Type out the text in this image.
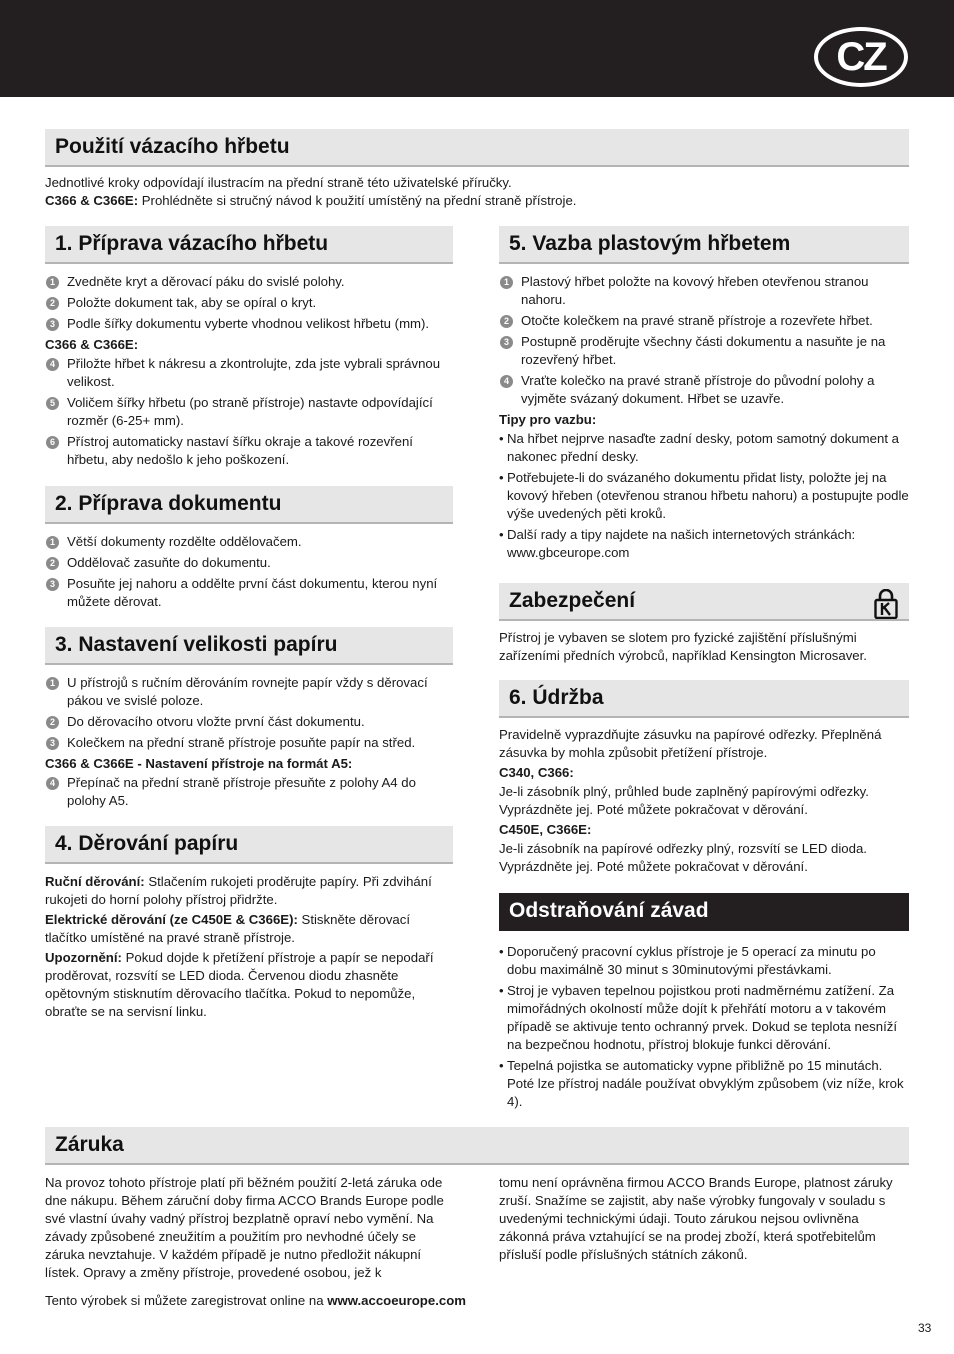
CZ
Použití vázacího hřbetu
Jednotlivé kroky odpovídají ilustracím na přední straně této uživatelské příručky.
C366 & C366E: Prohlédněte si stručný návod k použití umístěný na přední straně přístroje.
1. Příprava vázacího hřbetu
1 Zvedněte kryt a děrovací páku do svislé polohy.
2 Položte dokument tak, aby se opíral o kryt.
3 Podle šířky dokumentu vyberte vhodnou velikost hřbetu (mm).
C366 & C366E:
4 Přiložte hřbet k nákresu a zkontrolujte, zda jste vybrali správnou velikost.
5 Voličem šířky hřbetu (po straně přístroje) nastavte odpovídající rozměr (6-25+ mm).
6 Přístroj automaticky nastaví šířku okraje a takové rozevření hřbetu, aby nedošlo k jeho poškození.
2. Příprava dokumentu
1 Větší dokumenty rozdělte oddělovačem.
2 Oddělovač zasuňte do dokumentu.
3 Posuňte jej nahoru a oddělte první část dokumentu, kterou nyní můžete děrovat.
3. Nastavení velikosti papíru
1 U přístrojů s ručním děrováním rovnejte papír vždy s děrovací pákou ve svislé poloze.
2 Do děrovacího otvoru vložte první část dokumentu.
3 Kolečkem na přední straně přístroje posuňte papír na střed.
C366 & C366E - Nastavení přístroje na formát A5:
4 Přepínač na přední straně přístroje přesuňte z polohy A4 do polohy A5.
4. Děrování papíru
Ruční děrování: Stlačením rukojeti proděrujte papíry. Při zdvihání rukojeti do horní polohy přístroj přidržte.
Elektrické děrování (ze C450E & C366E): Stiskněte děrovací tlačítko umístěné na pravé straně přístroje.
Upozornění: Pokud dojde k přetížení přístroje a papír se nepodaří proděrovat, rozsvítí se LED dioda. Červenou diodu zhasněte opětovným stisknutím děrovacího tlačítka. Pokud to nepomůže, obraťte se na servisní linku.
5. Vazba plastovým hřbetem
1 Plastový hřbet položte na kovový hřeben otevřenou stranou nahoru.
2 Otočte kolečkem na pravé straně přístroje a rozevřete hřbet.
3 Postupně proděrujte všechny části dokumentu a nasuňte je na rozevřený hřbet.
4 Vraťte kolečko na pravé straně přístroje do původní polohy a vyjměte svázaný dokument. Hřbet se uzavře.
Tipy pro vazbu:
• Na hřbet nejprve nasaďte zadní desky, potom samotný dokument a nakonec přední desky.
• Potřebujete-li do svázaného dokumentu přidat listy, položte jej na kovový hřeben (otevřenou stranou hřbetu nahoru) a postupujte podle výše uvedených pěti kroků.
• Další rady a tipy najdete na našich internetových stránkách: www.gbceurope.com
Zabezpečení
Přístroj je vybaven se slotem pro fyzické zajištění příslušnými zařízeními předních výrobců, například Kensington Microsaver.
6. Údržba
Pravidelně vyprazdňujte zásuvku na papírové odřezky. Přeplněná zásuvka by mohla způsobit přetížení přístroje.
C340, C366:
Je-li zásobník plný, průhled bude zaplněný papírovými odřezky. Vyprázdněte jej. Poté můžete pokračovat v děrování.
C450E, C366E:
Je-li zásobník na papírové odřezky plný, rozsvítí se LED dioda. Vyprázdněte jej. Poté můžete pokračovat v děrování.
Odstraňování závad
• Doporučený pracovní cyklus přístroje je 5 operací za minutu po dobu maximálně 30 minut s 30minutovými přestávkami.
• Stroj je vybaven tepelnou pojistkou proti nadměrnému zatížení. Za mimořádných okolností může dojít k přehřátí motoru a v takovém případě se aktivuje tento ochranný prvek. Dokud se teplota nesníží na bezpečnou hodnotu, přístroj blokuje funkci děrování.
• Tepelná pojistka se automaticky vypne přibližně po 15 minutách. Poté lze přístroj nadále používat obvyklým způsobem (viz níže, krok 4).
Záruka
Na provoz tohoto přístroje platí při běžném použití 2-letá záruka ode dne nákupu. Během záruční doby firma ACCO Brands Europe podle své vlastní úvahy vadný přístroj bezplatně opraví nebo vymění. Na závady způsobené zneužitím a použitím pro nevhodné účely se záruka nevztahuje. V každém případě je nutno předložit nákupní lístek. Opravy a změny přístroje, provedené osobou, jež k
tomu není oprávněna firmou ACCO Brands Europe, platnost záruky zruší. Snažíme se zajistit, aby naše výrobky fungovaly v souladu s uvedenými technickými údaji. Touto zárukou nejsou ovlivněna zákonná práva vztahující se na prodej zboží, která spotřebitelům přísluší podle příslušných státních zákonů.
Tento výrobek si můžete zaregistrovat online na www.accoeurope.com
33
